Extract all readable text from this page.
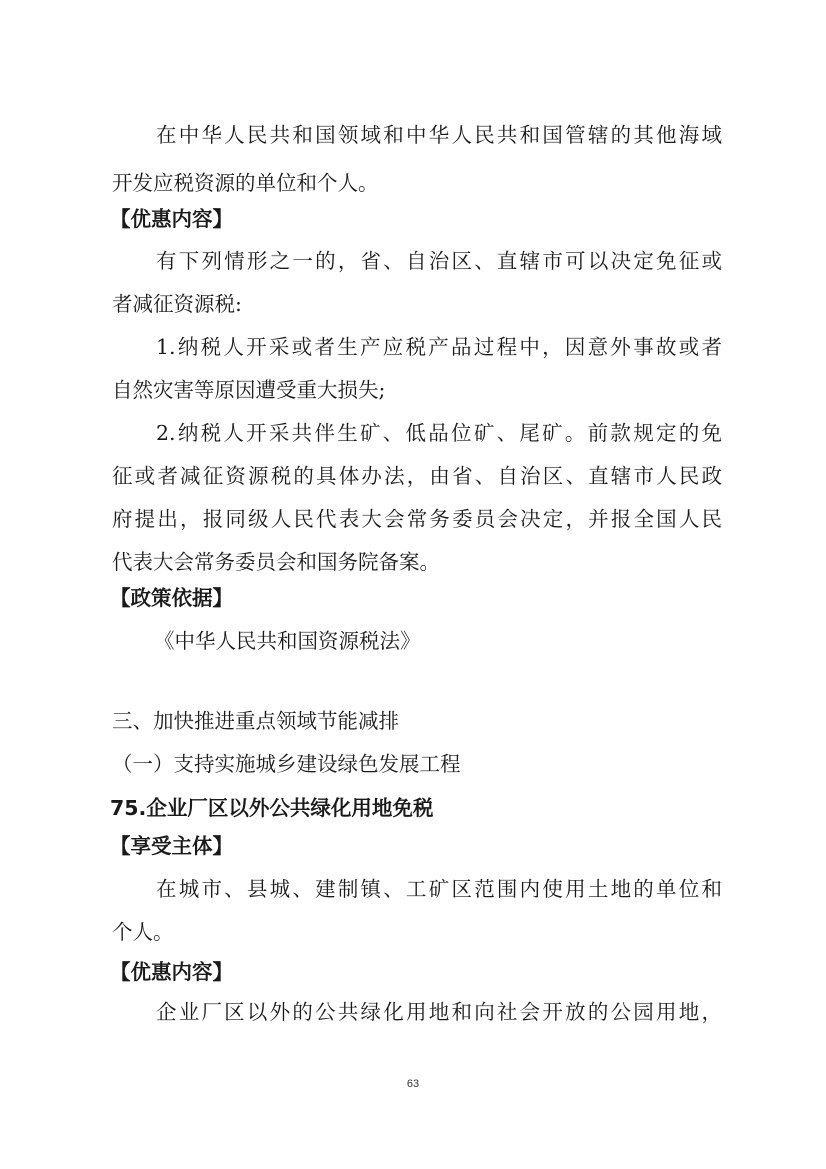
在中华人民共和国领域和中华人民共和国管辖的其他海域
开发应税资源的单位和个人。
【优惠内容】
有下列情形之一的，省、自治区、直辖市可以决定免征或
者减征资源税:
1.纳税人开采或者生产应税产品过程中，因意外事故或者
自然灾害等原因遭受重大损失;
2.纳税人开采共伴生矿、低品位矿、尾矿。前款规定的免
征或者减征资源税的具体办法，由省、自治区、直辖市人民政
府提出，报同级人民代表大会常务委员会决定，并报全国人民
代表大会常务委员会和国务院备案。
【政策依据】
《中华人民共和国资源税法》
三、加快推进重点领域节能减排
（一）支持实施城乡建设绿色发展工程
75.企业厂区以外公共绿化用地免税
【享受主体】
在城市、县城、建制镇、工矿区范围内使用土地的单位和
个人。
【优惠内容】
企业厂区以外的公共绿化用地和向社会开放的公园用地，
63
